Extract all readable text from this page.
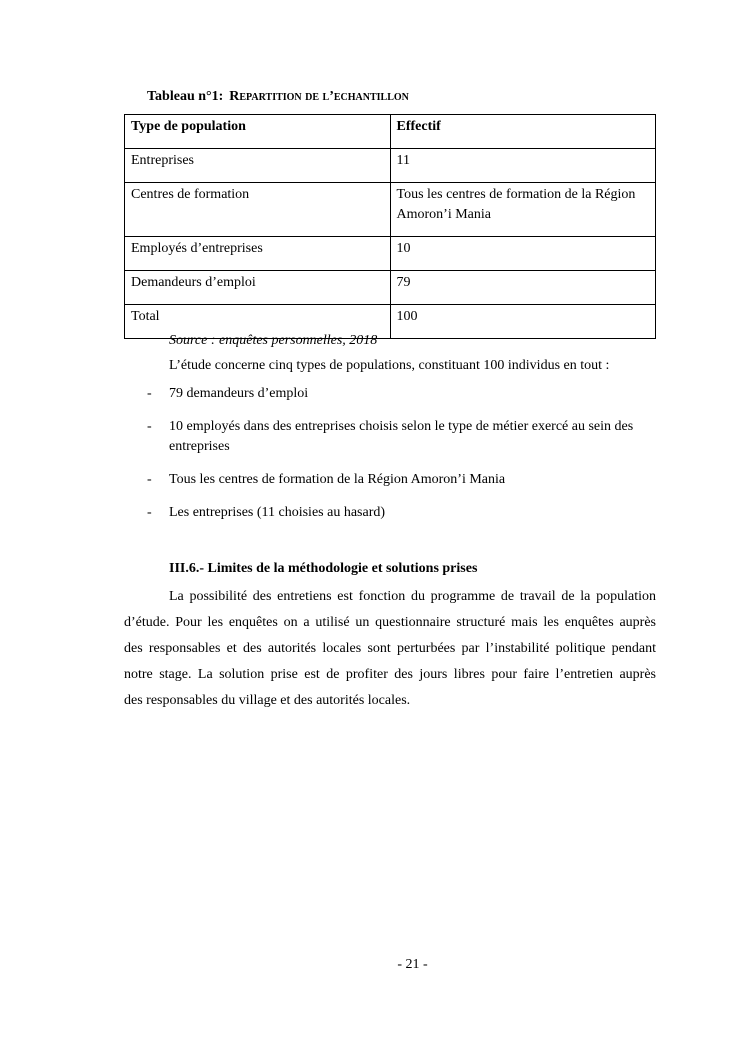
Tableau n°1: Repartition de l’echantillon
Type de population	Effectif
Entreprises	11
Centres de formation	Tous les centres de formation de la Région Amoron’i Mania
Employés d’entreprises	10
Demandeurs d’emploi	79
Total	100
Source : enquêtes personnelles, 2018
L’étude concerne cinq types de populations, constituant 100 individus en tout :
-	79 demandeurs d’emploi
-	10 employés dans des entreprises choisis selon le type de métier exercé au sein des entreprises
-	Tous les centres de formation de la Région Amoron’i Mania
-	Les entreprises (11 choisies au hasard)
III.6.- Limites de la méthodologie et solutions prises
La possibilité des entretiens est fonction du programme de travail de la population
d’étude. Pour les enquêtes on a utilisé un questionnaire structuré mais les enquêtes auprès
des responsables et des autorités locales sont perturbées par l’instabilité politique pendant
notre stage. La solution prise est de profiter des jours libres pour faire l’entretien auprès
des responsables du village et des autorités locales.
- 21 -
